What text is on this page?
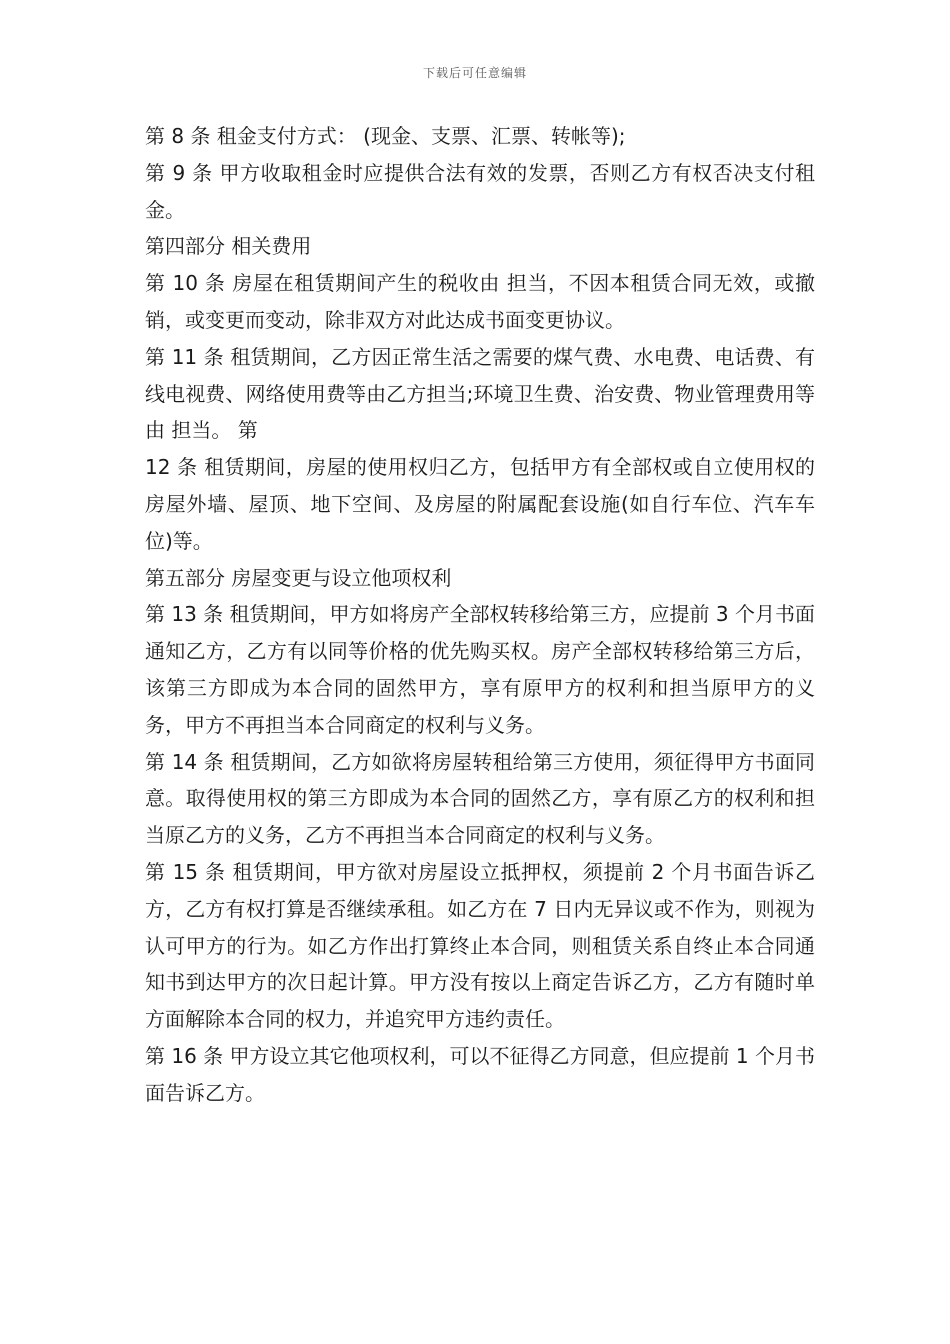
下载后可任意编辑

第 8 条 租金支付方式： (现金、支票、汇票、转帐等);

第 9 条 甲方收取租金时应提供合法有效的发票，否则乙方有权否决支付租金。

第四部分 相关费用

第 10 条 房屋在租赁期间产生的税收由 担当，不因本租赁合同无效，或撤销，或变更而变动，除非双方对此达成书面变更协议。

第 11 条 租赁期间，乙方因正常生活之需要的煤气费、水电费、电话费、有线电视费、网络使用费等由乙方担当;环境卫生费、治安费、物业管理费用等由 担当。 第

12 条 租赁期间，房屋的使用权归乙方，包括甲方有全部权或自立使用权的房屋外墙、屋顶、地下空间、及房屋的附属配套设施(如自行车位、汽车车位)等。

第五部分 房屋变更与设立他项权利

第 13 条 租赁期间，甲方如将房产全部权转移给第三方，应提前 3 个月书面通知乙方，乙方有以同等价格的优先购买权。房产全部权转移给第三方后，该第三方即成为本合同的固然甲方，享有原甲方的权利和担当原甲方的义务，甲方不再担当本合同商定的权利与义务。

第 14 条 租赁期间，乙方如欲将房屋转租给第三方使用，须征得甲方书面同意。取得使用权的第三方即成为本合同的固然乙方，享有原乙方的权利和担当原乙方的义务，乙方不再担当本合同商定的权利与义务。

第 15 条 租赁期间，甲方欲对房屋设立抵押权，须提前 2 个月书面告诉乙方，乙方有权打算是否继续承租。如乙方在 7 日内无异议或不作为，则视为认可甲方的行为。如乙方作出打算终止本合同，则租赁关系自终止本合同通知书到达甲方的次日起计算。甲方没有按以上商定告诉乙方，乙方有随时单方面解除本合同的权力，并追究甲方违约责任。

第 16 条 甲方设立其它他项权利，可以不征得乙方同意，但应提前 1 个月书面告诉乙方。
